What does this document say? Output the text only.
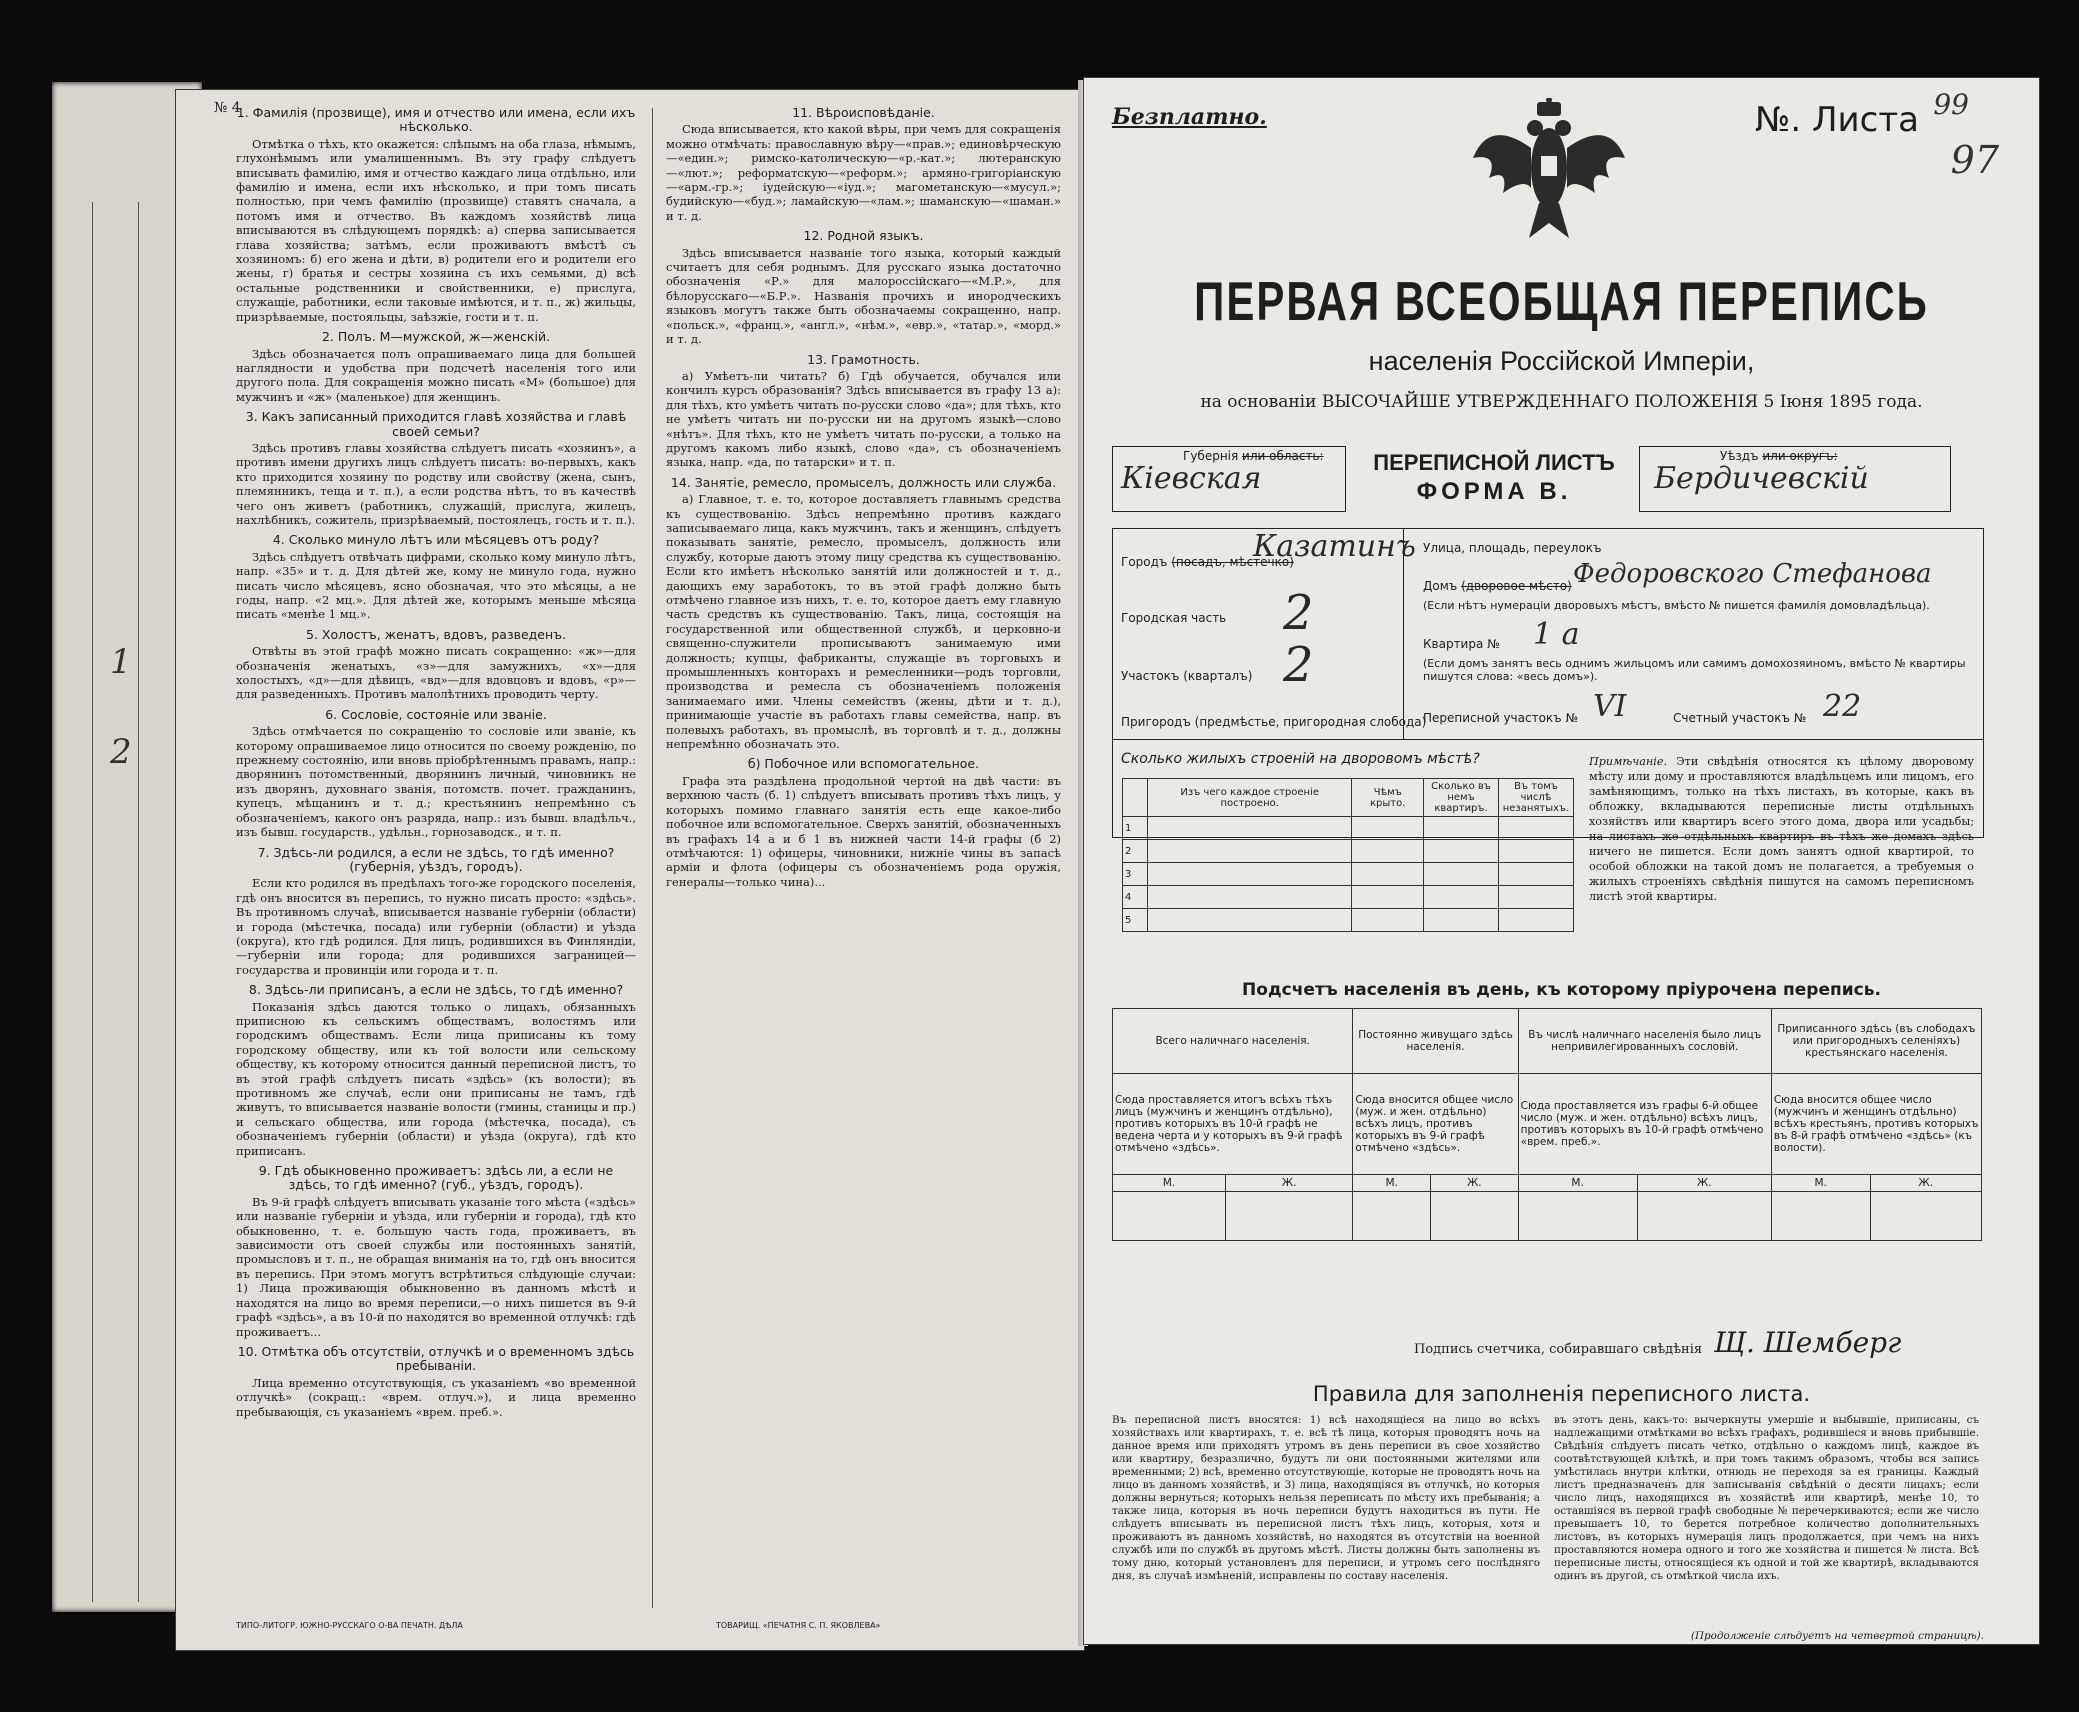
1
2
№ 4
1. Фамилiя (прозвище), имя и отчество или имена, если ихъ нѣсколько.

Отмѣтка о тѣхъ, кто окажется: слѣпымъ на оба глаза, нѣмымъ, глухонѣмымъ или умалишеннымъ. Въ эту графу слѣдуетъ вписывать фамилiю, имя и отчество каждаго лица отдѣльно, или фамилiю и имена, если ихъ нѣсколько, и при томъ писать полностью, при чемъ фамилiю (прозвище) ставятъ сначала, а потомъ имя и отчество. Въ каждомъ хозяйствѣ лица вписываются въ слѣдующемъ порядкѣ: а) сперва записывается глава хозяйства; затѣмъ, если проживаютъ вмѣстѣ съ хозяиномъ: б) его жена и дѣти, в) родители его и родители его жены, г) братья и сестры хозяина съ ихъ семьями, д) всѣ остальные родственники и свойственники, е) прислуга, служащiе, работники, если таковые имѣются, и т. п., ж) жильцы, призрѣваемые, постояльцы, заѣзжiе, гости и т. п.

2. Полъ. М—мужской, ж—женскiй.

Здѣсь обозначается полъ опрашиваемаго лица для большей наглядности и удобства при подсчетѣ населенiя того или другого пола. Для сокращенiя можно писать «М» (большое) для мужчинъ и «ж» (маленькое) для женщинъ.

3. Какъ записанный приходится главѣ хозяйства и главѣ своей семьи?

Здѣсь противъ главы хозяйства слѣдуетъ писать «хозяинъ», а противъ имени другихъ лицъ слѣдуетъ писать: во-первыхъ, какъ кто приходится хозяину по родству или свойству (жена, сынъ, племянникъ, теща и т. п.), а если родства нѣтъ, то въ качествѣ чего онъ живетъ (работникъ, служащiй, прислуга, жилецъ, нахлѣбникъ, сожитель, призрѣваемый, постоялецъ, гость и т. п.).

4. Сколько минуло лѣтъ или мѣсяцевъ отъ роду?

Здѣсь слѣдуетъ отвѣчать цифрами, сколько кому минуло лѣтъ, напр. «35» и т. д. Для дѣтей же, кому не минуло года, нужно писать число мѣсяцевъ, ясно обозначая, что это мѣсяцы, а не годы, напр. «2 мц.». Для дѣтей же, которымъ меньше мѣсяца писать «менѣе 1 мц.».

5. Холостъ, женатъ, вдовъ, разведенъ.

Отвѣты въ этой графѣ можно писать сокращенно: «ж»—для обозначенiя женатыхъ, «з»—для замужнихъ, «х»—для холостыхъ, «д»—для дѣвицъ, «вд»—для вдовцовъ и вдовъ, «р»—для разведенныхъ. Противъ малолѣтнихъ проводить черту.

6. Сословiе, состоянiе или званiе.

Здѣсь отмѣчается по сокращенiю то сословiе или званiе, къ которому опрашиваемое лицо относится по своему рожденiю, по прежнему состоянiю, или вновь прiобрѣтеннымъ правамъ, напр.: дворянинъ потомственный, дворянинъ личный, чиновникъ не изъ дворянъ, духовнаго званiя, потомств. почет. гражданинъ, купецъ, мѣщанинъ и т. д.; крестьянинъ непремѣнно съ обозначенiемъ, какого онъ разряда, напр.: изъ бывш. владѣльч., изъ бывш. государств., удѣльн., горнозаводск., и т. п.

7. Здѣсь-ли родился, а если не здѣсь, то гдѣ именно? (губернiя, уѣздъ, городъ).

Если кто родился въ предѣлахъ того-же городского поселенiя, гдѣ онъ вносится въ перепись, то нужно писать просто: «здѣсь». Въ противномъ случаѣ, вписывается названiе губернiи (области) и города (мѣстечка, посада) или губернiи (области) и уѣзда (округа), кто гдѣ родился. Для лицъ, родившихся въ Финляндiи,—губернiи или города; для родившихся заграницей—государства и провинцiи или города и т. п.

8. Здѣсь-ли приписанъ, а если не здѣсь, то гдѣ именно?

Показанiя здѣсь даются только о лицахъ, обязанныхъ приписною къ сельскимъ обществамъ, волостямъ или городскимъ обществамъ. Если лица приписаны къ тому городскому обществу, или къ той волости или сельскому обществу, къ которому относится данный переписной листъ, то въ этой графѣ слѣдуетъ писать «здѣсь» (къ волости); въ противномъ же случаѣ, если они приписаны не тамъ, гдѣ живутъ, то вписывается названiе волости (гмины, станицы и пр.) и сельскаго общества, или города (мѣстечка, посада), съ обозначенiемъ губернiи (области) и уѣзда (округа), гдѣ кто приписанъ.

9. Гдѣ обыкновенно проживаетъ: здѣсь ли, а если не здѣсь, то гдѣ именно? (губ., уѣздъ, городъ).

Въ 9-й графѣ слѣдуетъ вписывать указанiе того мѣста («здѣсь» или названiе губернiи и уѣзда, или губернiи и города), гдѣ кто обыкновенно, т. е. большую часть года, проживаетъ, въ зависимости отъ своей службы или постоянныхъ занятiй, промысловъ и т. п., не обращая вниманiя на то, гдѣ онъ вносится въ перепись. При этомъ могутъ встрѣтиться слѣдующiе случаи: 1) Лица проживающiя обыкновенно въ данномъ мѣстѣ и находятся на лицо во время переписи,—о нихъ пишется въ 9-й графѣ «здѣсь», а въ 10-й по находятся во временной отлучкѣ: гдѣ проживаетъ...

10. Отмѣтка объ отсутствiи, отлучкѣ и о временномъ здѣсь пребыванiи.

Лица временно отсутствующiя, съ указанiемъ «во временной отлучкѣ» (сокращ.: «врем. отлуч.»), и лица временно пребывающiя, съ указанiемъ «врем. преб.».

11. Вѣроисповѣданiе.

Сюда вписывается, кто какой вѣры, при чемъ для сокращенiя можно отмѣчать: православную вѣру—«прав.»; единовѣрческую—«един.»; римско-католическую—«р.-кат.»; лютеранскую—«лют.»; реформатскую—«реформ.»; армяно-григорiанскую—«арм.-гр.»; iудейскую—«iуд.»; магометанскую—«мусул.»; будийскую—«буд.»; ламайскую—«лам.»; шаманскую—«шаман.» и т. д.

12. Родной языкъ.

Здѣсь вписывается названiе того языка, который каждый считаетъ для себя роднымъ. Для русскаго языка достаточно обозначенiя «Р.» для малороссiйскаго—«М.Р.», для бѣлорусскаго—«Б.Р.». Названiя прочихъ и инородческихъ языковъ могутъ также быть обозначаемы сокращенно, напр. «польск.», «франц.», «англ.», «нѣм.», «евр.», «татар.», «морд.» и т. д.

13. Грамотность.

а) Умѣетъ-ли читать? б) Гдѣ обучается, обучался или кончилъ курсъ образованiя? Здѣсь вписывается въ графу 13 а): для тѣхъ, кто умѣетъ читать по-русски слово «да»; для тѣхъ, кто не умѣетъ читать ни по-русски ни на другомъ языкѣ—слово «нѣтъ». Для тѣхъ, кто не умѣетъ читать по-русски, а только на другомъ какомъ либо языкѣ, слово «да», съ обозначенiемъ языка, напр. «да, по татарски» и т. п.

14. Занятiе, ремесло, промыселъ, должность или служба.

а) Главное, т. е. то, которое доставляетъ главнымъ средства къ существованiю. Здѣсь непремѣнно противъ каждаго записываемаго лица, какъ мужчинъ, такъ и женщинъ, слѣдуетъ показывать занятiе, ремесло, промыселъ, должность или службу, которые даютъ этому лицу средства къ существованiю. Если кто имѣетъ нѣсколько занятiй или должностей и т. д., дающихъ ему заработокъ, то въ этой графѣ должно быть отмѣчено главное изъ нихъ, т. е. то, которое даетъ ему главную часть средствъ къ существованiю. Такъ, лица, состоящiя на государственной или общественной службѣ, и церковно-и священно-служители прописываютъ занимаемую ими должность; купцы, фабриканты, служащiе въ торговыхъ и промышленныхъ конторахъ и ремесленники—родъ торговли, производства и ремесла съ обозначенiемъ положенiя занимаемаго ими. Члены семействъ (жены, дѣти и т. д.), принимающiе участiе въ работахъ главы семейства, напр. въ полевыхъ работахъ, въ промыслѣ, въ торговлѣ и т. д., должны непремѣнно обозначать это.

б) Побочное или вспомогательное.

Графа эта раздѣлена продольной чертой на двѣ части: въ верхнюю часть (б. 1) слѣдуетъ вписывать противъ тѣхъ лицъ, у которыхъ помимо главнаго занятiя есть еще какое-либо побочное или вспомогательное. Сверхъ занятiй, обозначенныхъ въ графахъ 14 а и б 1 въ нижней части 14-й графы (б 2) отмѣчаются: 1) офицеры, чиновники, нижнiе чины въ запасѣ армiи и флота (офицеры съ обозначенiемъ рода оружiя, генералы—только чина)...

ТИПО-ЛИТОГР. ЮЖНО-РУССКАГО О-ВА ПЕЧАТН. ДѢЛА	ТОВАРИЩ. «ПЕЧАТНЯ С. П. ЯКОВЛЕВА»
Безплатно.	№. Листа 99
97
ПЕРВАЯ ВСЕОБЩАЯ ПЕРЕПИСЬ
населенiя Россiйской Имперiи,
на основанiи ВЫСОЧАЙШЕ УТВЕРЖДЕННАГО ПОЛОЖЕНIЯ 5 Iюня 1895 года.
Губернiя или область:
Кiевская	ПЕРЕПИСНОЙ ЛИСТЪ
ФОРМА В.
Уѣздъ или округъ:
Бердичевскiй
Городъ (посадъ, мѣстечко)
Казатинъ
Городская часть 2
Участокъ (кварталъ) 2
Пригородъ (предмѣстье, пригородная слобода)
Улица, площадь, переулокъ
Домъ (дворовое мѣсто) Федоровского Стефанова
(Если нѣтъ нумерацiи дворовыхъ мѣстъ, вмѣсто № пишется фамилiя домовладѣльца).
Квартира № 1 а
(Если домъ занятъ весь однимъ жильцомъ или самимъ домохозяиномъ, вмѣсто № квартиры пишутся слова: «весь домъ»).
Переписной участокъ № VI	Счетный участокъ № 22
Сколько жилыхъ строенiй на дворовомъ мѣстѣ?
	Изъ чего каждое строенiе построено.	Чѣмъ крыто.	Сколько въ немъ квартиръ.	Въ томъ числѣ незанятыхъ.
1				
2				
3				
4				
5				
Примѣчанiе. Эти свѣдѣнiя относятся къ цѣлому дворовому мѣсту или дому и проставляются владѣльцемъ или лицомъ, его замѣняющимъ, только на тѣхъ листахъ, въ которые, какъ въ обложку, вкладываются переписные листы отдѣльныхъ хозяйствъ или квартиръ всего этого дома, двора или усадьбы; на листахъ же отдѣльныхъ квартиръ въ тѣхъ же домахъ здѣсь ничего не пишется. Если домъ занятъ одной квартирой, то особой обложки на такой домъ не полагается, а требуемыя о жилыхъ строенiяхъ свѣдѣнiя пишутся на самомъ переписномъ листѣ этой квартиры.
Подсчетъ населенiя въ день, къ которому прiурочена перепись.
Всего наличнаго населенiя.		Постоянно живущаго здѣсь населенiя.		Въ числѣ наличнаго населенiя было лицъ непривилегированныхъ сословiй.		Приписанного здѣсь (въ слободахъ или пригородныхъ селенiяхъ) крестьянскаго населенiя.	
Сюда проставляется итогъ всѣхъ тѣхъ лицъ (мужчинъ и женщинъ отдѣльно), противъ которыхъ въ 10-й графѣ не ведена черта и у которыхъ въ 9-й графѣ отмѣчено «здѣсь».		Сюда вносится общее число (муж. и жен. отдѣльно) всѣхъ лицъ, противъ которыхъ въ 9-й графѣ отмѣчено «здѣсь».		Сюда проставляется изъ графы 6-й общее число (муж. и жен. отдѣльно) всѣхъ лицъ, противъ которыхъ въ 10-й графѣ отмѣчено «врем. преб.».		Сюда вносится общее число (мужчинъ и женщинъ отдѣльно) всѣхъ крестьянъ, противъ которыхъ въ 8-й графѣ отмѣчено «здѣсь» (къ волости).	
М.	Ж.	М.	Ж.	М.	Ж.	М.	Ж.

Подпись счетчика, собиравшаго свѣдѣнiя Щ. Шемберг
Правила для заполненiя переписного листа.
Въ переписной листъ вносятся: 1) всѣ находящiеся на лицо во всѣхъ хозяйствахъ или квартирахъ, т. е. всѣ тѣ лица, которыя проводятъ ночь на данное время или приходятъ утромъ въ день переписи въ свое хозяйство или квартиру, безразлично, будутъ ли они постоянными жителями или временными; 2) всѣ, временно отсутствующiе, которые не проводятъ ночь на лицо въ данномъ хозяйствѣ, и 3) лица, находящiяся въ отлучкѣ, но которыя должны вернуться; которыхъ нельзя переписать по мѣсту ихъ пребыванiя; а также лица, которыя въ ночь переписи будутъ находиться въ пути. Не слѣдуетъ вписывать въ переписной листъ тѣхъ лицъ, которыя, хотя и проживаютъ въ данномъ хозяйствѣ, но находятся въ отсутствiи на военной службѣ или по службѣ въ другомъ мѣстѣ. Листы должны быть заполнены въ тому дню, который установленъ для переписи, и утромъ сего послѣдняго дня, въ случаѣ измѣненiй, исправлены по составу населенiя.
въ этотъ день, какъ-то: вычеркнуты умершiе и выбывшiе, приписаны, съ надлежащими отмѣтками во всѣхъ графахъ, родившiеся и вновь прибывшiе. Свѣдѣнiя слѣдуетъ писать четко, отдѣльно о каждомъ лицѣ, каждое въ соотвѣтствующей клѣткѣ, и при томъ такимъ образомъ, чтобы вся запись умѣстилась внутри клѣтки, отнюдь не переходя за ея границы. Каждый листъ предназначенъ для записыванiя свѣдѣнiй о десяти лицахъ; если число лицъ, находящихся въ хозяйствѣ или квартирѣ, менѣе 10, то оставшiяся въ первой графѣ свободные № перечеркиваются; если же число превышаетъ 10, то берется потребное количество дополнительныхъ листовъ, въ которыхъ нумерацiя лицъ продолжается, при чемъ на нихъ проставляются номера одного и того же хозяйства и пишется № листа. Всѣ переписные листы, относящiеся къ одной и той же квартирѣ, вкладываются одинъ въ другой, съ отмѣткой числа ихъ.
(Продолженiе слѣдуетъ на четвертой страницѣ).
